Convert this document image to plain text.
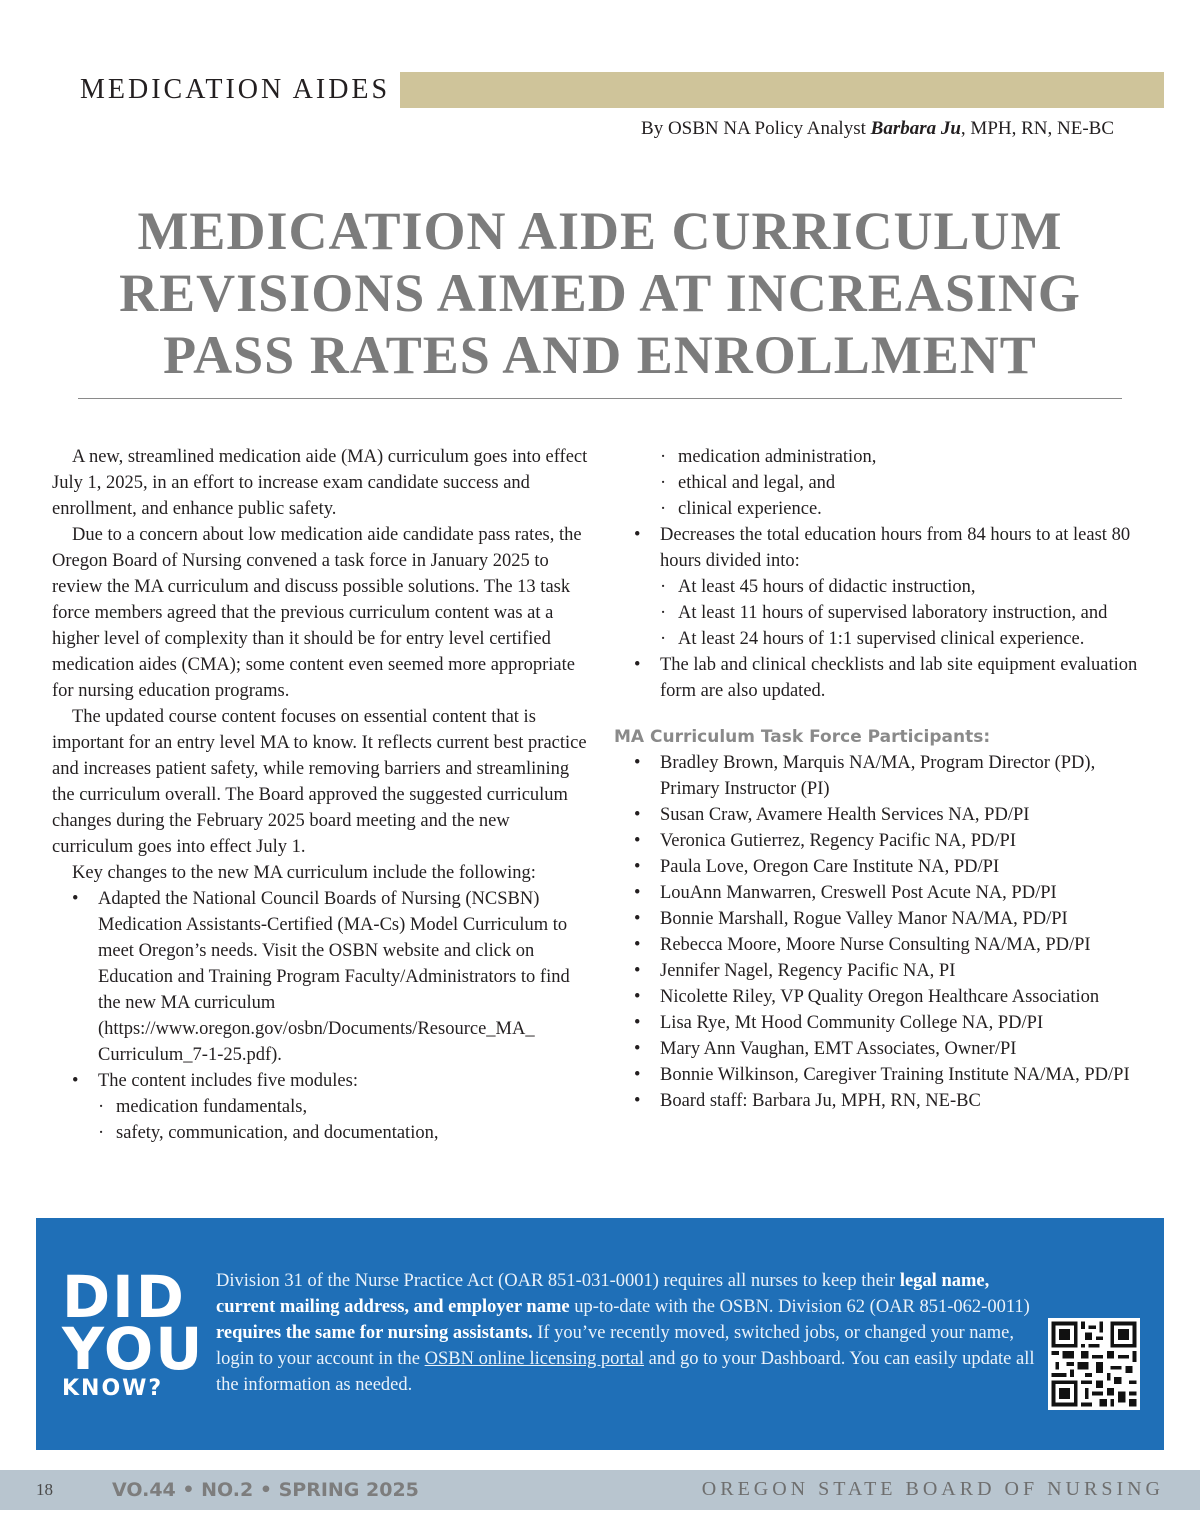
MEDICATION AIDES
By OSBN NA Policy Analyst Barbara Ju, MPH, RN, NE-BC
MEDICATION AIDE CURRICULUM
REVISIONS AIMED AT INCREASING
PASS RATES AND ENROLLMENT

A new, streamlined medication aide (MA) curriculum goes into effect July 1, 2025, in an effort to increase exam candidate success and enrollment, and enhance public safety.

Due to a concern about low medication aide candidate pass rates, the Oregon Board of Nursing convened a task force in January 2025 to review the MA curriculum and discuss possible solutions. The 13 task force members agreed that the previous curriculum content was at a higher level of complexity than it should be for entry level certified medication aides (CMA); some content even seemed more appropriate for nursing education programs.

The updated course content focuses on essential content that is important for an entry level MA to know. It reflects current best practice and increases patient safety, while removing barriers and streamlining the curriculum overall. The Board approved the suggested curriculum changes during the February 2025 board meeting and the new curriculum goes into effect July 1.

Key changes to the new MA curriculum include the following:

• Adapted the National Council Boards of Nursing (NCSBN) Medication Assistants-Certified (MA-Cs) Model Curriculum to meet Oregon’s needs. Visit the OSBN website and click on Education and Training Program Faculty/Administrators to find the new MA curriculum (https://www.oregon.gov/osbn/Documents/Resource_MA_ Curriculum_7-1-25.pdf).
• The content includes five modules:
· medication fundamentals,
· safety, communication, and documentation,
· medication administration,
· ethical and legal, and
· clinical experience.
• Decreases the total education hours from 84 hours to at least 80 hours divided into:
· At least 45 hours of didactic instruction,
· At least 11 hours of supervised laboratory instruction, and
· At least 24 hours of 1:1 supervised clinical experience.
• The lab and clinical checklists and lab site equipment evaluation form are also updated.
MA Curriculum Task Force Participants:
• Bradley Brown, Marquis NA/MA, Program Director (PD), Primary Instructor (PI)
• Susan Craw, Avamere Health Services NA, PD/PI
• Veronica Gutierrez, Regency Pacific NA, PD/PI
• Paula Love, Oregon Care Institute NA, PD/PI
• LouAnn Manwarren, Creswell Post Acute NA, PD/PI
• Bonnie Marshall, Rogue Valley Manor NA/MA, PD/PI
• Rebecca Moore, Moore Nurse Consulting NA/MA, PD/PI
• Jennifer Nagel, Regency Pacific NA, PI
• Nicolette Riley, VP Quality Oregon Healthcare Association
• Lisa Rye, Mt Hood Community College NA, PD/PI
• Mary Ann Vaughan, EMT Associates, Owner/PI
• Bonnie Wilkinson, Caregiver Training Institute NA/MA, PD/PI
• Board staff: Barbara Ju, MPH, RN, NE-BC
DID
YOU
KNOW?
Division 31 of the Nurse Practice Act (OAR 851-031-0001) requires all nurses to keep their legal name, current mailing address, and employer name up-to-date with the OSBN. Division 62 (OAR 851-062-0011) requires the same for nursing assistants. If you’ve recently moved, switched jobs, or changed your name, login to your account in the OSBN online licensing portal and go to your Dashboard. You can easily update all the information as needed.
18	VO.44 • NO.2 • SPRING 2025	OREGON STATE BOARD OF NURSING
